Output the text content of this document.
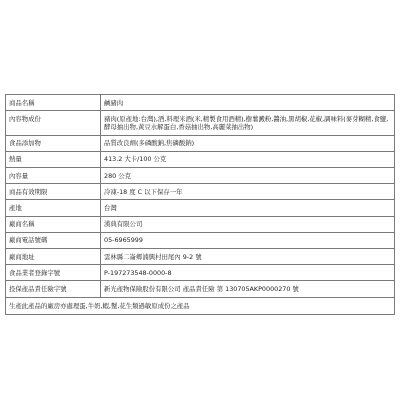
商品名稱	鹹豬肉
內容物成份	豬肉(原產地:台灣),酒,料理米酒(米,精製食用酒精),樹薯澱粉,醬油,黑胡椒,花椒,調味料(麥芽糊精,食鹽,酵母抽出物,黃豆水解蛋白,香菇抽出物,高麗菜抽出物)
食品添加物	品質改良劑(多磷酸鈉,焦磷酸鈉)
熱量	413.2 大卡/100 公克
內容量	280 公克
商品有效期限	冷凍-18 度 C 以下保存一年
產地	台灣
廠商名稱	漢典有限公司
廠商電話號碼	05-6965999
廠商地址	雲林縣二崙鄉湳興村田尾內 9-2 號
食品業者登錄字號	P-197273548-0000-8
投保產品責任險字號	新光產物保險股份有限公司 產品責任險 第 130705AKP0000270 號
生產此產品的廠房亦處理蛋,牛奶,蝦,蟹,花生類過敏原成份之產品	
